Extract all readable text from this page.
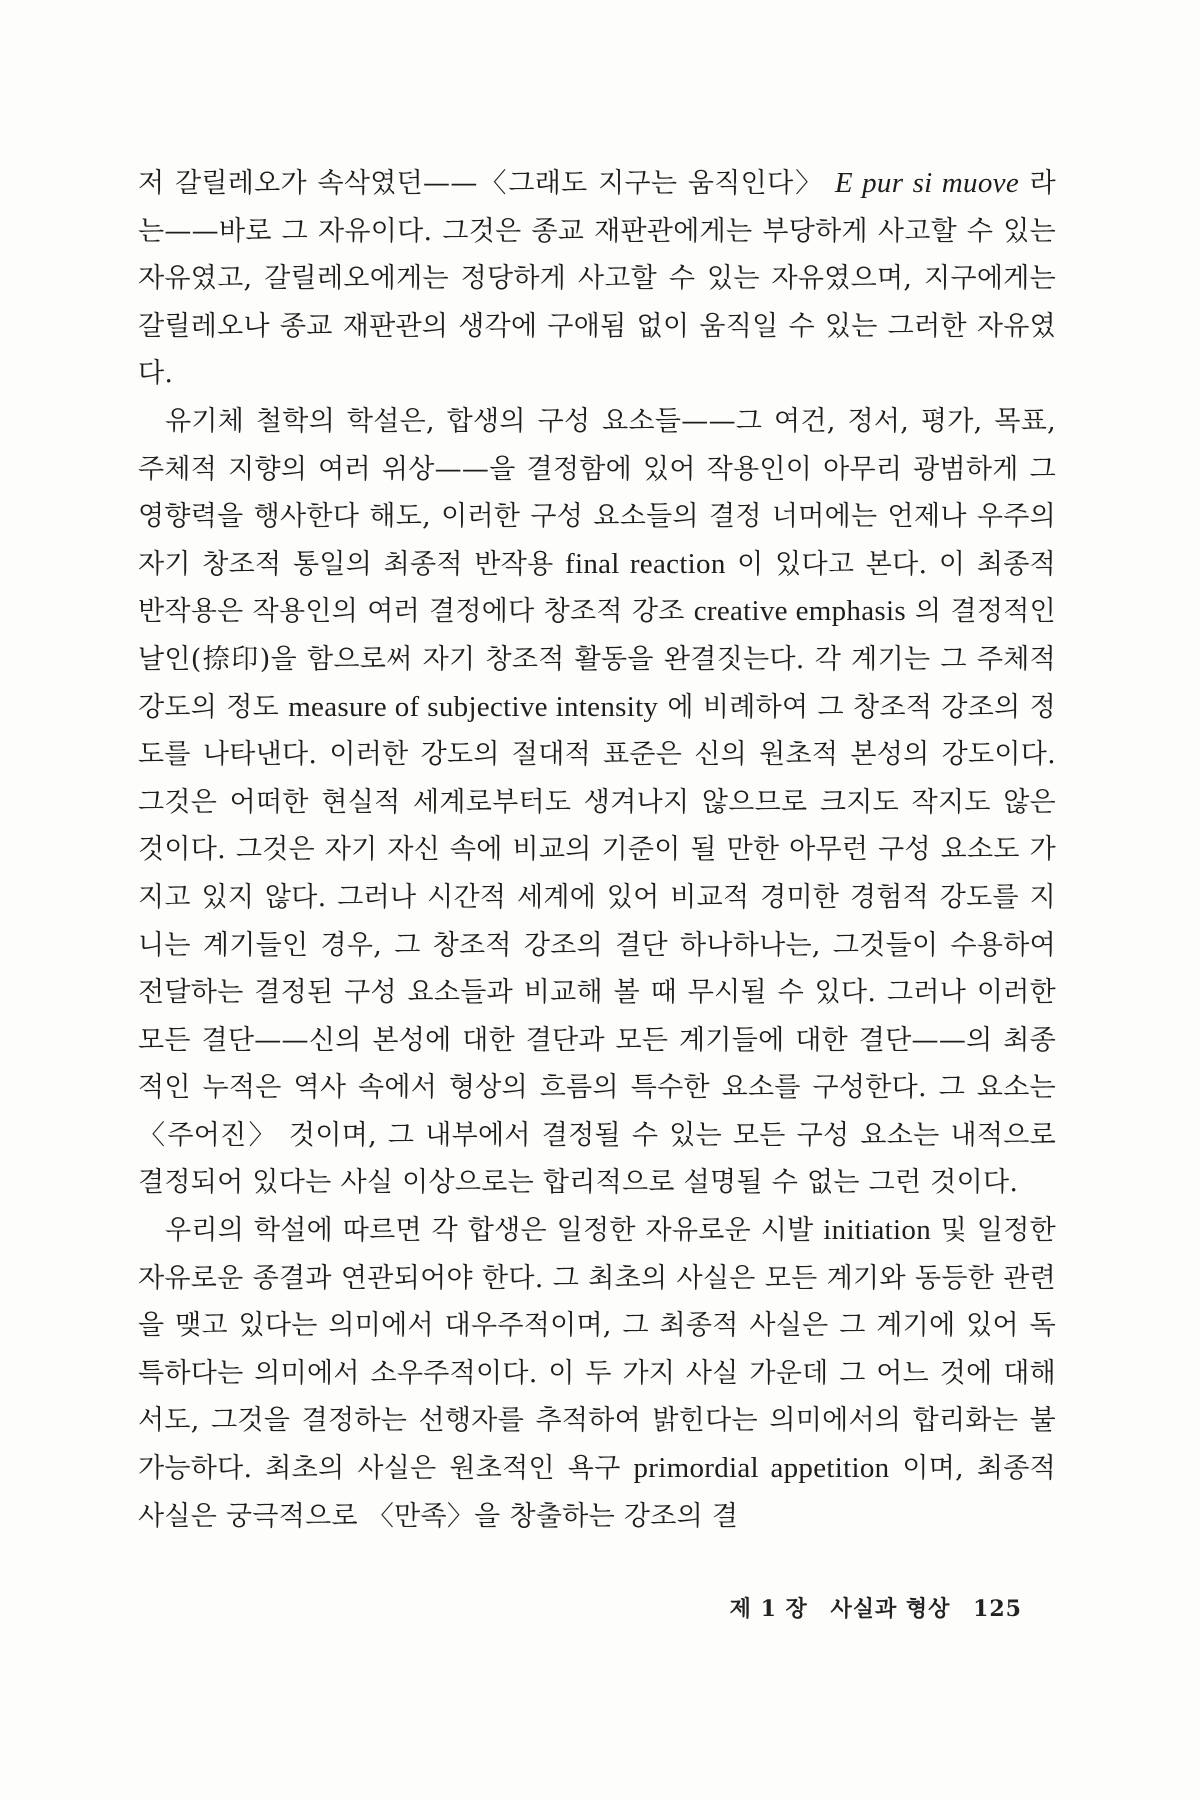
저 갈릴레오가 속삭였던——〈그래도 지구는 움직인다〉 E pur si muove 라는——바로 그 자유이다. 그것은 종교 재판관에게는 부당하게 사고할 수 있는 자유였고, 갈릴레오에게는 정당하게 사고할 수 있는 자유였으며, 지구에게는 갈릴레오나 종교 재판관의 생각에 구애됨 없이 움직일 수 있는 그러한 자유였다.

유기체 철학의 학설은, 합생의 구성 요소들——그 여건, 정서, 평가, 목표, 주체적 지향의 여러 위상——을 결정함에 있어 작용인이 아무리 광범하게 그 영향력을 행사한다 해도, 이러한 구성 요소들의 결정 너머에는 언제나 우주의 자기 창조적 통일의 최종적 반작용 final reaction 이 있다고 본다. 이 최종적 반작용은 작용인의 여러 결정에다 창조적 강조 creative emphasis 의 결정적인 날인(捺印)을 함으로써 자기 창조적 활동을 완결짓는다. 각 계기는 그 주체적 강도의 정도 measure of subjective intensity 에 비례하여 그 창조적 강조의 정도를 나타낸다. 이러한 강도의 절대적 표준은 신의 원초적 본성의 강도이다. 그것은 어떠한 현실적 세계로부터도 생겨나지 않으므로 크지도 작지도 않은 것이다. 그것은 자기 자신 속에 비교의 기준이 될 만한 아무런 구성 요소도 가지고 있지 않다. 그러나 시간적 세계에 있어 비교적 경미한 경험적 강도를 지니는 계기들인 경우, 그 창조적 강조의 결단 하나하나는, 그것들이 수용하여 전달하는 결정된 구성 요소들과 비교해 볼 때 무시될 수 있다. 그러나 이러한 모든 결단——신의 본성에 대한 결단과 모든 계기들에 대한 결단——의 최종적인 누적은 역사 속에서 형상의 흐름의 특수한 요소를 구성한다. 그 요소는 〈주어진〉 것이며, 그 내부에서 결정될 수 있는 모든 구성 요소는 내적으로 결정되어 있다는 사실 이상으로는 합리적으로 설명될 수 없는 그런 것이다.

우리의 학설에 따르면 각 합생은 일정한 자유로운 시발 initiation 및 일정한 자유로운 종결과 연관되어야 한다. 그 최초의 사실은 모든 계기와 동등한 관련을 맺고 있다는 의미에서 대우주적이며, 그 최종적 사실은 그 계기에 있어 독특하다는 의미에서 소우주적이다. 이 두 가지 사실 가운데 그 어느 것에 대해서도, 그것을 결정하는 선행자를 추적하여 밝힌다는 의미에서의 합리화는 불가능하다. 최초의 사실은 원초적인 욕구 primordial appetition 이며, 최종적 사실은 궁극적으로 〈만족〉을 창출하는 강조의 결

제 1 장 사실과 형상 125
